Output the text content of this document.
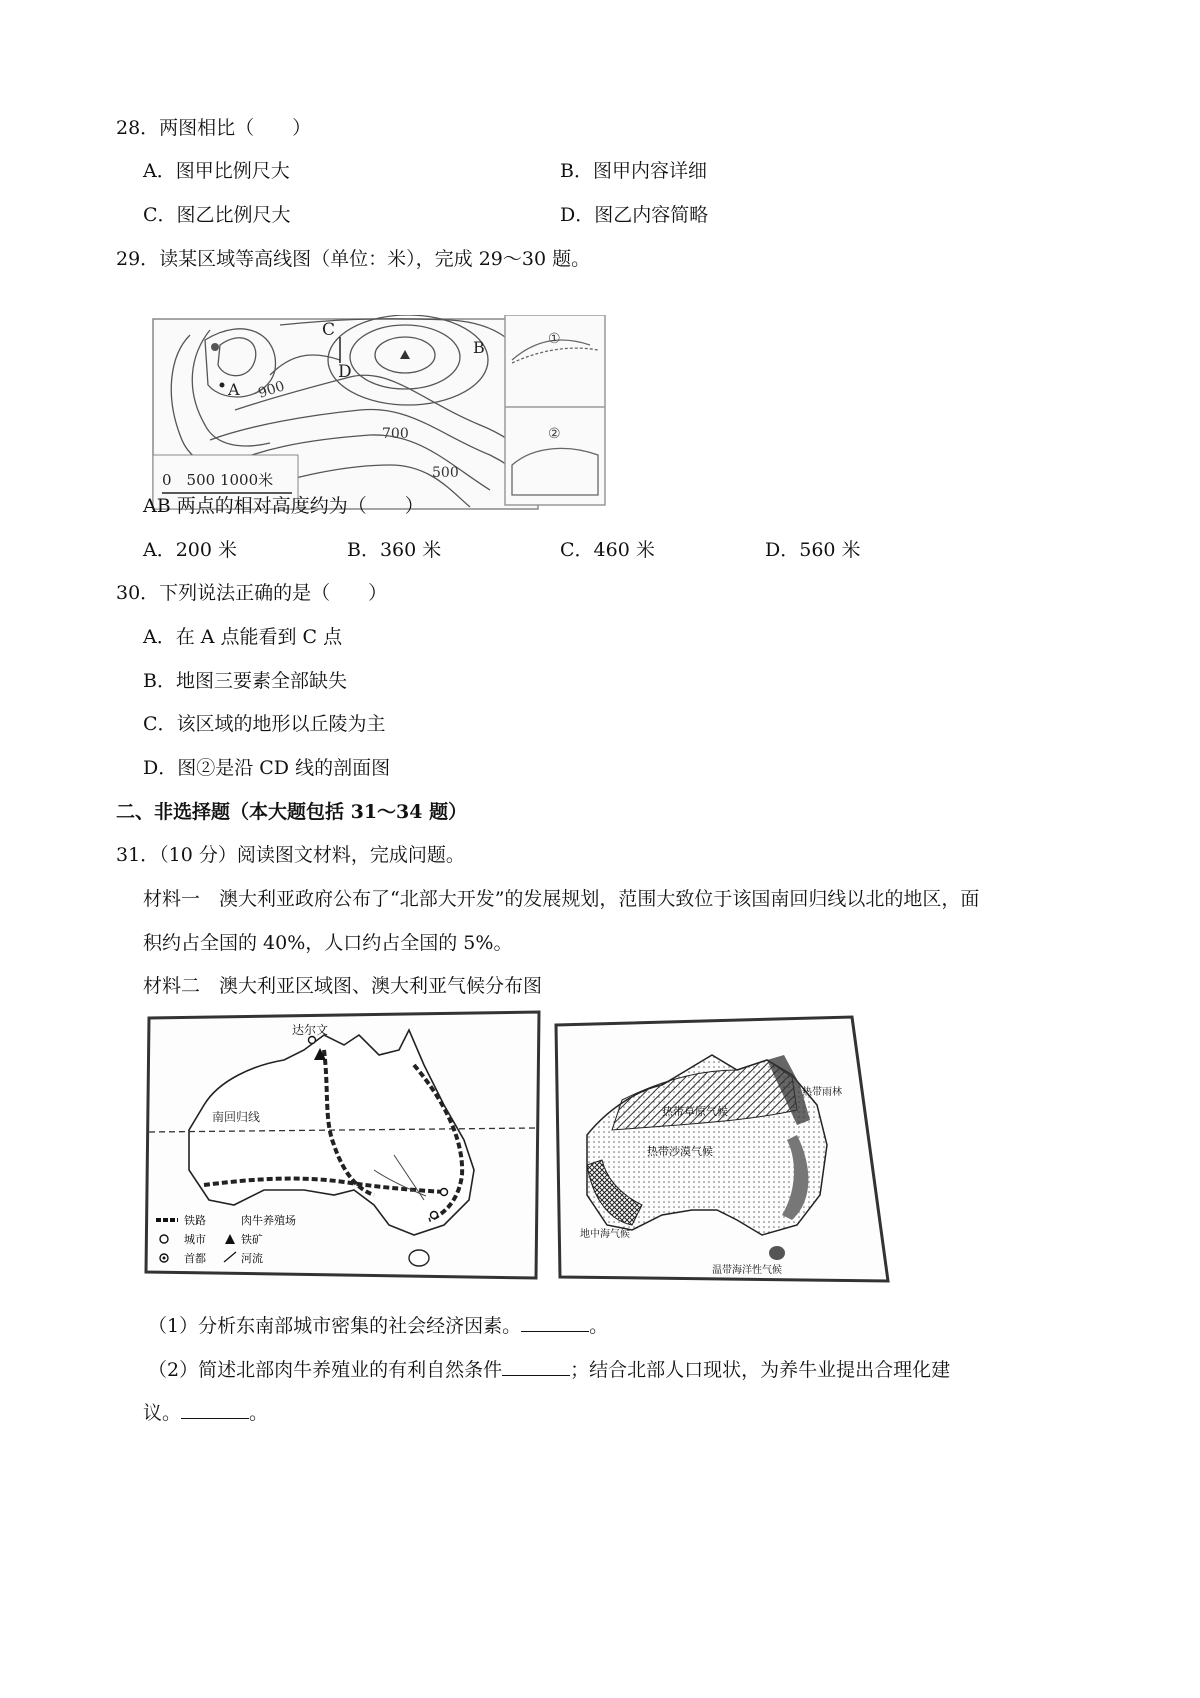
28．两图相比（　　）
A．图甲比例尺大	B．图甲内容详细
C．图乙比例尺大	D．图乙内容简略
29．读某区域等高线图（单位：米），完成 29～30 题。
C
A
D
B
900
700
500
0　500 1000米
①
②
AB 两点的相对高度约为（　　）
A．200 米	B．360 米	C．460 米	D．560 米
30．下列说法正确的是（　　）
A．在 A 点能看到 C 点
B．地图三要素全部缺失
C．该区域的地形以丘陵为主
D．图②是沿 CD 线的剖面图
二、非选择题（本大题包括 31～34 题）
31．（10 分）阅读图文材料，完成问题。
材料一　澳大利亚政府公布了“北部大开发”的发展规划，范围大致位于该国南回归线以北的地区，面
积约占全国的 40%，人口约占全国的 5%。
材料二　澳大利亚区域图、澳大利亚气候分布图
南回归线
达尔文
铁路	肉牛养殖场
城市	铁矿
首都	河流
热带草原气候
热带雨林
热带沙漠气候
地中海气候
温带海洋性气候
（1）分析东南部城市密集的社会经济因素。	。
（2）简述北部肉牛养殖业的有利自然条件	；结合北部人口现状，为养牛业提出合理化建
议。	。
